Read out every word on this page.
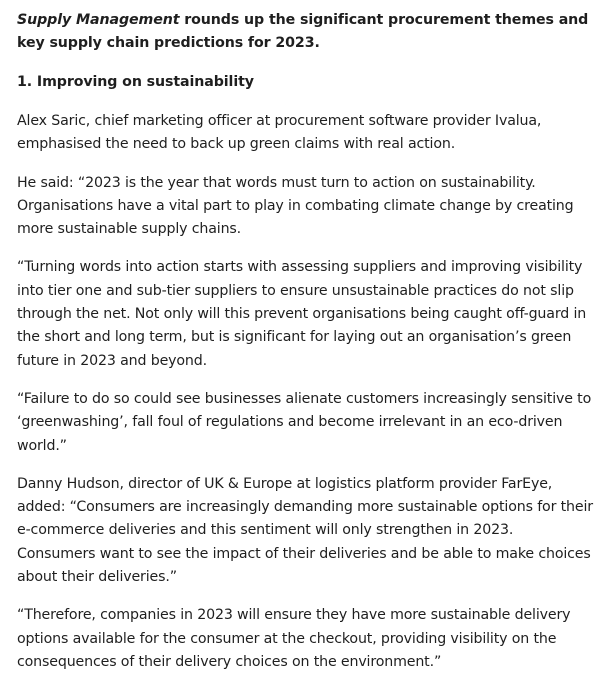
Supply Management rounds up the significant procurement themes and key supply chain predictions for 2023.

1. Improving on sustainability

Alex Saric, chief marketing officer at procurement software provider Ivalua, emphasised the need to back up green claims with real action.

He said: “2023 is the year that words must turn to action on sustainability. Organisations have a vital part to play in combating climate change by creating more sustainable supply chains.

“Turning words into action starts with assessing suppliers and improving visibility into tier one and sub-tier suppliers to ensure unsustainable practices do not slip through the net. Not only will this prevent organisations being caught off-guard in the short and long term, but is significant for laying out an organisation’s green future in 2023 and beyond.

“Failure to do so could see businesses alienate customers increasingly sensitive to ‘greenwashing’, fall foul of regulations and become irrelevant in an eco-driven world.”

Danny Hudson, director of UK & Europe at logistics platform provider FarEye, added: “Consumers are increasingly demanding more sustainable options for their e-commerce deliveries and this sentiment will only strengthen in 2023. Consumers want to see the impact of their deliveries and be able to make choices about their deliveries.”

“Therefore, companies in 2023 will ensure they have more sustainable delivery options available for the consumer at the checkout, providing visibility on the consequences of their delivery choices on the environment.”
